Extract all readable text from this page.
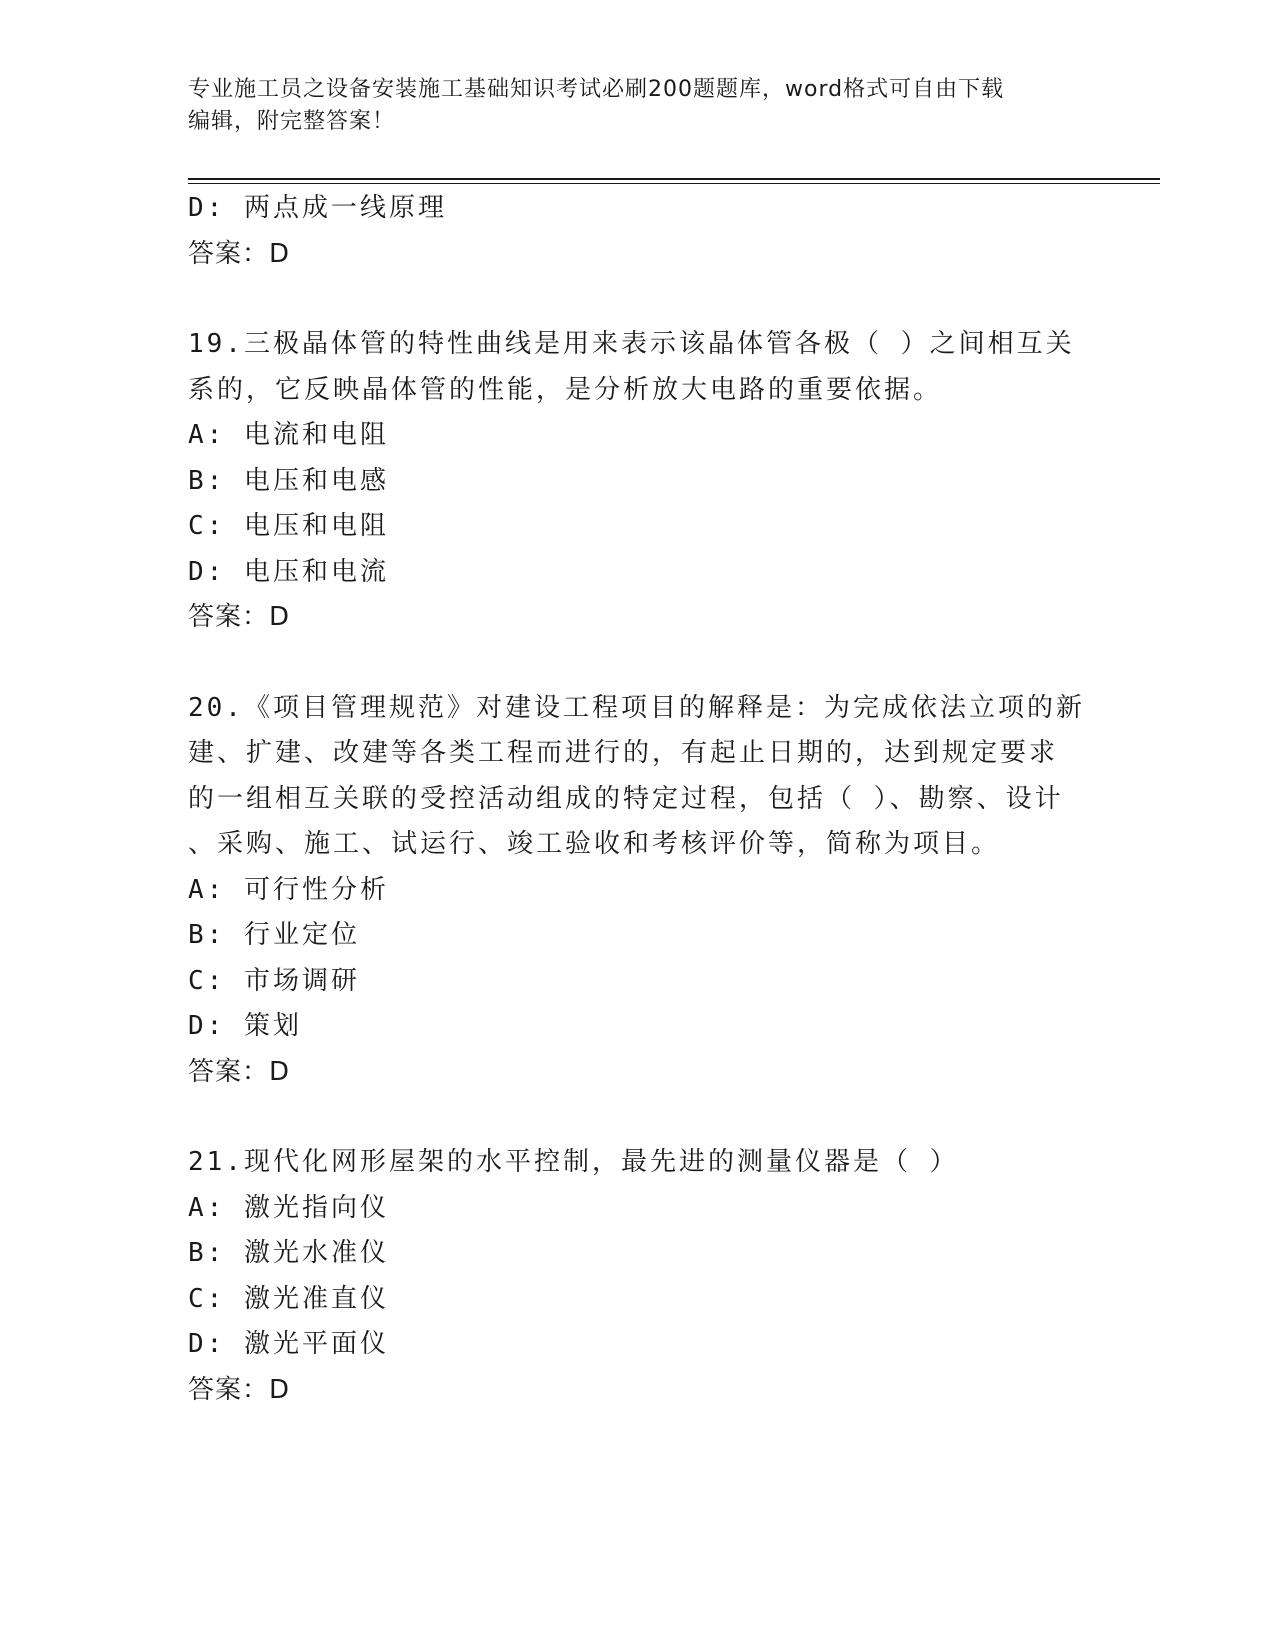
专业施工员之设备安装施工基础知识考试必刷200题题库，word格式可自由下载
编辑，附完整答案！
D: 两点成一线原理
答案：D
19.三极晶体管的特性曲线是用来表示该晶体管各极（ ）之间相互关
系的，它反映晶体管的性能，是分析放大电路的重要依据。
A: 电流和电阻
B: 电压和电感
C: 电压和电阻
D: 电压和电流
答案：D
20.《项目管理规范》对建设工程项目的解释是：为完成依法立项的新
建、扩建、改建等各类工程而进行的，有起止日期的，达到规定要求
的一组相互关联的受控活动组成的特定过程，包括（ ）、勘察、设计
、采购、施工、试运行、竣工验收和考核评价等，简称为项目。
A: 可行性分析
B: 行业定位
C: 市场调研
D: 策划
答案：D
21.现代化网形屋架的水平控制，最先进的测量仪器是（ ）
A: 激光指向仪
B: 激光水准仪
C: 激光准直仪
D: 激光平面仪
答案：D
